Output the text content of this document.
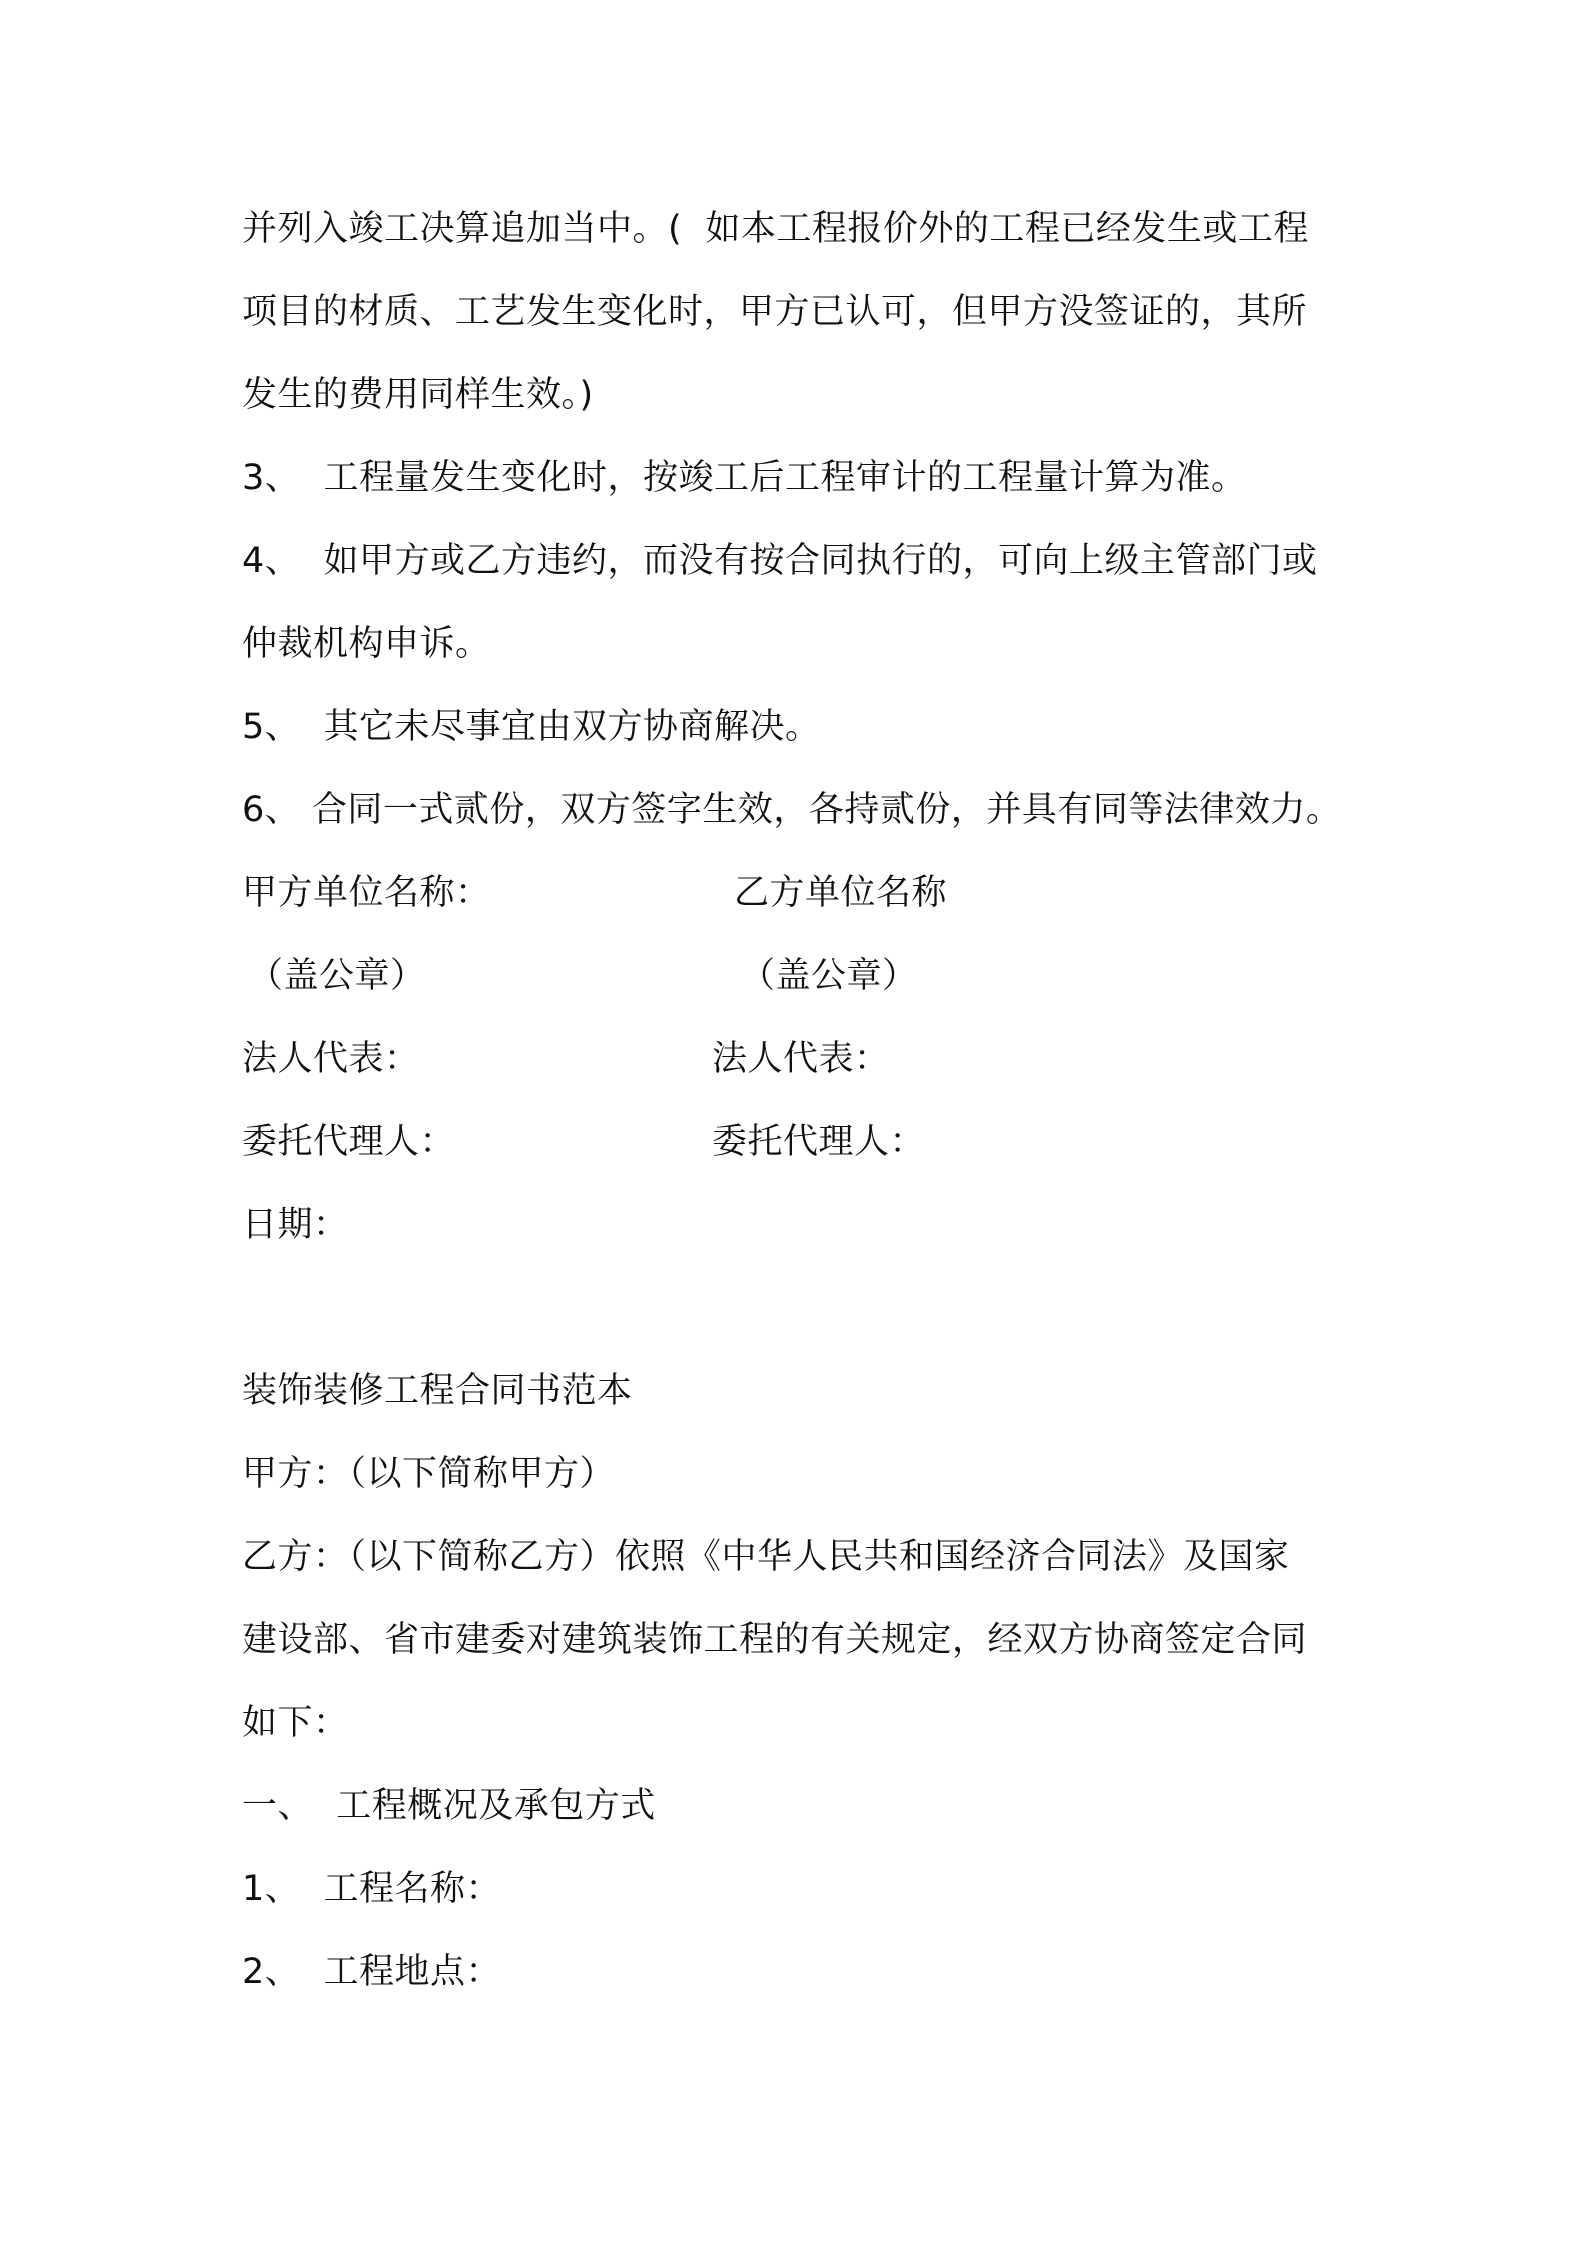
并列入竣工决算追加当中。(  如本工程报价外的工程已经发生或工程
项目的材质、工艺发生变化时，甲方已认可，但甲方没签证的，其所
发生的费用同样生效。)
3、  工程量发生变化时，按竣工后工程审计的工程量计算为准。
4、  如甲方或乙方违约，而没有按合同执行的，可向上级主管部门或
仲裁机构申诉。
5、  其它未尽事宜由双方协商解决。
6、 合同一式贰份，双方签字生效，各持贰份，并具有同等法律效力。
甲方单位名称：	乙方单位名称
（盖公章）	（盖公章）
法人代表：	法人代表：
委托代理人：	委托代理人：
日期：
装饰装修工程合同书范本
甲方：（以下简称甲方）
乙方：（以下简称乙方）依照《中华人民共和国经济合同法》及国家
建设部、省市建委对建筑装饰工程的有关规定，经双方协商签定合同
如下：
一、  工程概况及承包方式
1、  工程名称：
2、  工程地点：
